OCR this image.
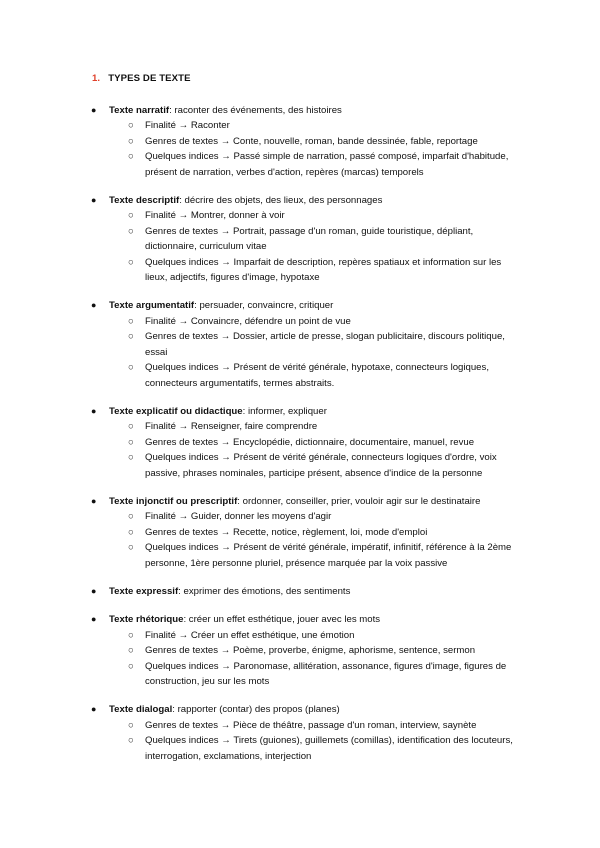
1. TYPES DE TEXTE
● Texte narratif: raconter des événements, des histoires
○ Finalité → Raconter
○ Genres de textes → Conte, nouvelle, roman, bande dessinée, fable, reportage
○ Quelques indices → Passé simple de narration, passé composé, imparfait d'habitude, présent de narration, verbes d'action, repères (marcas) temporels
● Texte descriptif: décrire des objets, des lieux, des personnages
○ Finalité → Montrer, donner à voir
○ Genres de textes → Portrait, passage d'un roman, guide touristique, dépliant, dictionnaire, curriculum vitae
○ Quelques indices → Imparfait de description, repères spatiaux et information sur les lieux, adjectifs, figures d'image, hypotaxe
● Texte argumentatif: persuader, convaincre, critiquer
○ Finalité → Convaincre, défendre un point de vue
○ Genres de textes → Dossier, article de presse, slogan publicitaire, discours politique, essai
○ Quelques indices → Présent de vérité générale, hypotaxe, connecteurs logiques, connecteurs argumentatifs, termes abstraits.
● Texte explicatif ou didactique: informer, expliquer
○ Finalité → Renseigner, faire comprendre
○ Genres de textes → Encyclopédie, dictionnaire, documentaire, manuel, revue
○ Quelques indices → Présent de vérité générale, connecteurs logiques d'ordre, voix passive, phrases nominales, participe présent, absence d'indice de la personne
● Texte injonctif ou prescriptif: ordonner, conseiller, prier, vouloir agir sur le destinataire
○ Finalité → Guider, donner les moyens d'agir
○ Genres de textes → Recette, notice, règlement, loi, mode d'emploi
○ Quelques indices → Présent de vérité générale, impératif, infinitif, référence à la 2ème personne, 1ère personne pluriel, présence marquée par la voix passive
● Texte expressif: exprimer des émotions, des sentiments
● Texte rhétorique: créer un effet esthétique, jouer avec les mots
○ Finalité → Créer un effet esthétique, une émotion
○ Genres de textes → Poème, proverbe, énigme, aphorisme, sentence, sermon
○ Quelques indices → Paronomase, allitération, assonance, figures d'image, figures de construction, jeu sur les mots
● Texte dialogal: rapporter (contar) des propos (planes)
○ Genres de textes → Pièce de théâtre, passage d'un roman, interview, saynète
○ Quelques indices → Tirets (guiones), guillemets (comillas), identification des locuteurs, interrogation, exclamations, interjection
